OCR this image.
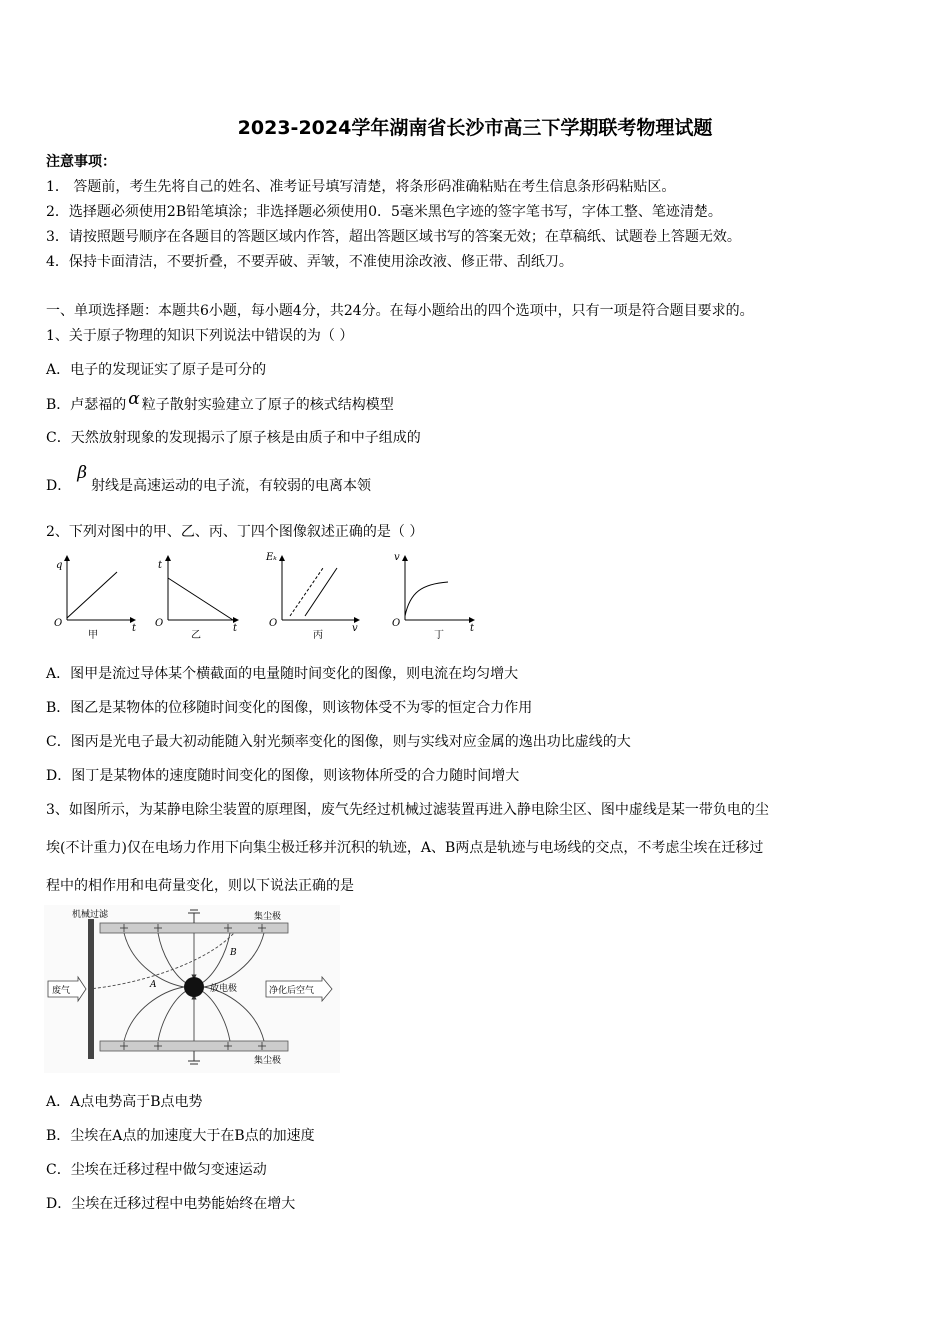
2023-2024学年湖南省长沙市高三下学期联考物理试题
注意事项：
1． 答题前，考生先将自己的姓名、准考证号填写清楚，将条形码准确粘贴在考生信息条形码粘贴区。
2．选择题必须使用2B铅笔填涂；非选择题必须使用0．5毫米黑色字迹的签字笔书写，字体工整、笔迹清楚。
3．请按照题号顺序在各题目的答题区域内作答，超出答题区域书写的答案无效；在草稿纸、试题卷上答题无效。
4．保持卡面清洁，不要折叠，不要弄破、弄皱，不准使用涂改液、修正带、刮纸刀。
一、单项选择题：本题共6小题，每小题4分，共24分。在每小题给出的四个选项中，只有一项是符合题目要求的。
1、关于原子物理的知识下列说法中错误的为（ ）
A．电子的发现证实了原子是可分的
B．卢瑟福的 α 粒子散射实验建立了原子的核式结构模型
C．天然放射现象的发现揭示了原子核是由质子和中子组成的
D．β射线是高速运动的电子流，有较弱的电离本领
2、下列对图中的甲、乙、丙、丁四个图像叙述正确的是（ ）
q
t
O
甲
t
t
O
乙
Eₖ
v
O
丙
v
t
O
丁
A．图甲是流过导体某个横截面的电量随时间变化的图像，则电流在均匀增大
B．图乙是某物体的位移随时间变化的图像，则该物体受不为零的恒定合力作用
C．图丙是光电子最大初动能随入射光频率变化的图像，则与实线对应金属的逸出功比虚线的大
D．图丁是某物体的速度随时间变化的图像，则该物体所受的合力随时间增大
3、如图所示，为某静电除尘装置的原理图，废气先经过机械过滤装置再进入静电除尘区、图中虚线是某一带负电的尘
埃(不计重力)仅在电场力作用下向集尘极迁移并沉积的轨迹，A、B两点是轨迹与电场线的交点，不考虑尘埃在迁移过
程中的相作用和电荷量变化，则以下说法正确的是
机械过滤	集尘极
集尘极
放电极
A
B
废气	净化后空气
A．A点电势高于B点电势
B．尘埃在A点的加速度大于在B点的加速度
C．尘埃在迁移过程中做匀变速运动
D．尘埃在迁移过程中电势能始终在增大
